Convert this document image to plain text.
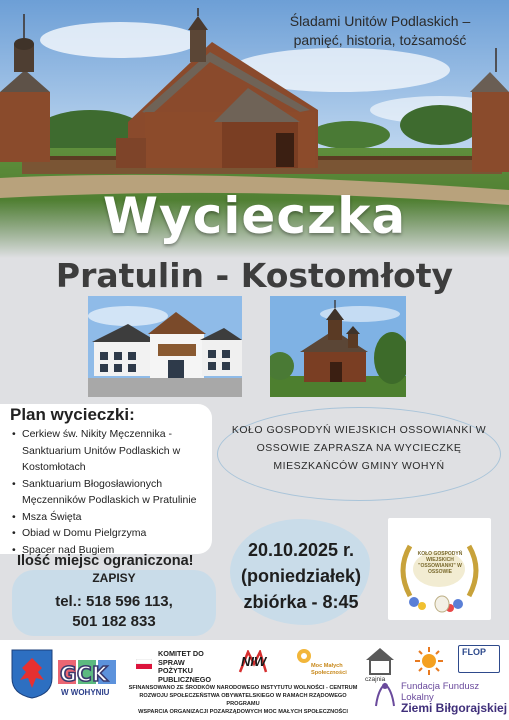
Śladami Unitów Podlaskich – pamięć, historia, tożsamość
Wycieczka
Pratulin - Kostomłoty
Plan wycieczki:
• Cerkiew św. Nikity Męczennika - Sanktuarium Unitów Podlaskich w Kostomłotach
• Sanktuarium Błogosławionych Męczenników Podlaskich w Pratulinie
• Msza Święta
• Obiad w Domu Pielgrzyma
• Spacer nad Bugiem
KOŁO GOSPODYŃ WIEJSKICH OSSOWIANKI W OSSOWIE ZAPRASZA NA WYCIECZKĘ MIESZKAŃCÓW GMINY WOHYŃ
Ilość miejsc ograniczona!
ZAPISY
tel.: 518 596 113,
501 182 833
20.10.2025 r.
(poniedziałek)
zbiórka - 8:45
KOŁO GOSPODYŃ WIEJSKICH "OSSOWIANKI" W OSSOWIE
GCK
W WOHYNIU
KOMITET DO SPRAW POŻYTKU PUBLICZNEGO
NIW	Moc Małych Społeczności
czajnia
FLOP
SFINANSOWANO ZE ŚRODKÓW NARODOWEGO INSTYTUTU WOLNOŚCI - CENTRUM
ROZWOJU SPOŁECZEŃSTWA OBYWATELSKIEGO W RAMACH RZĄDOWEGO PROGRAMU
WSPARCIA ORGANIZACJI POZARZĄDOWYCH MOC MAŁYCH SPOŁECZNOŚCI
Fundacja Fundusz Lokalny
Ziemi Biłgorajskiej
